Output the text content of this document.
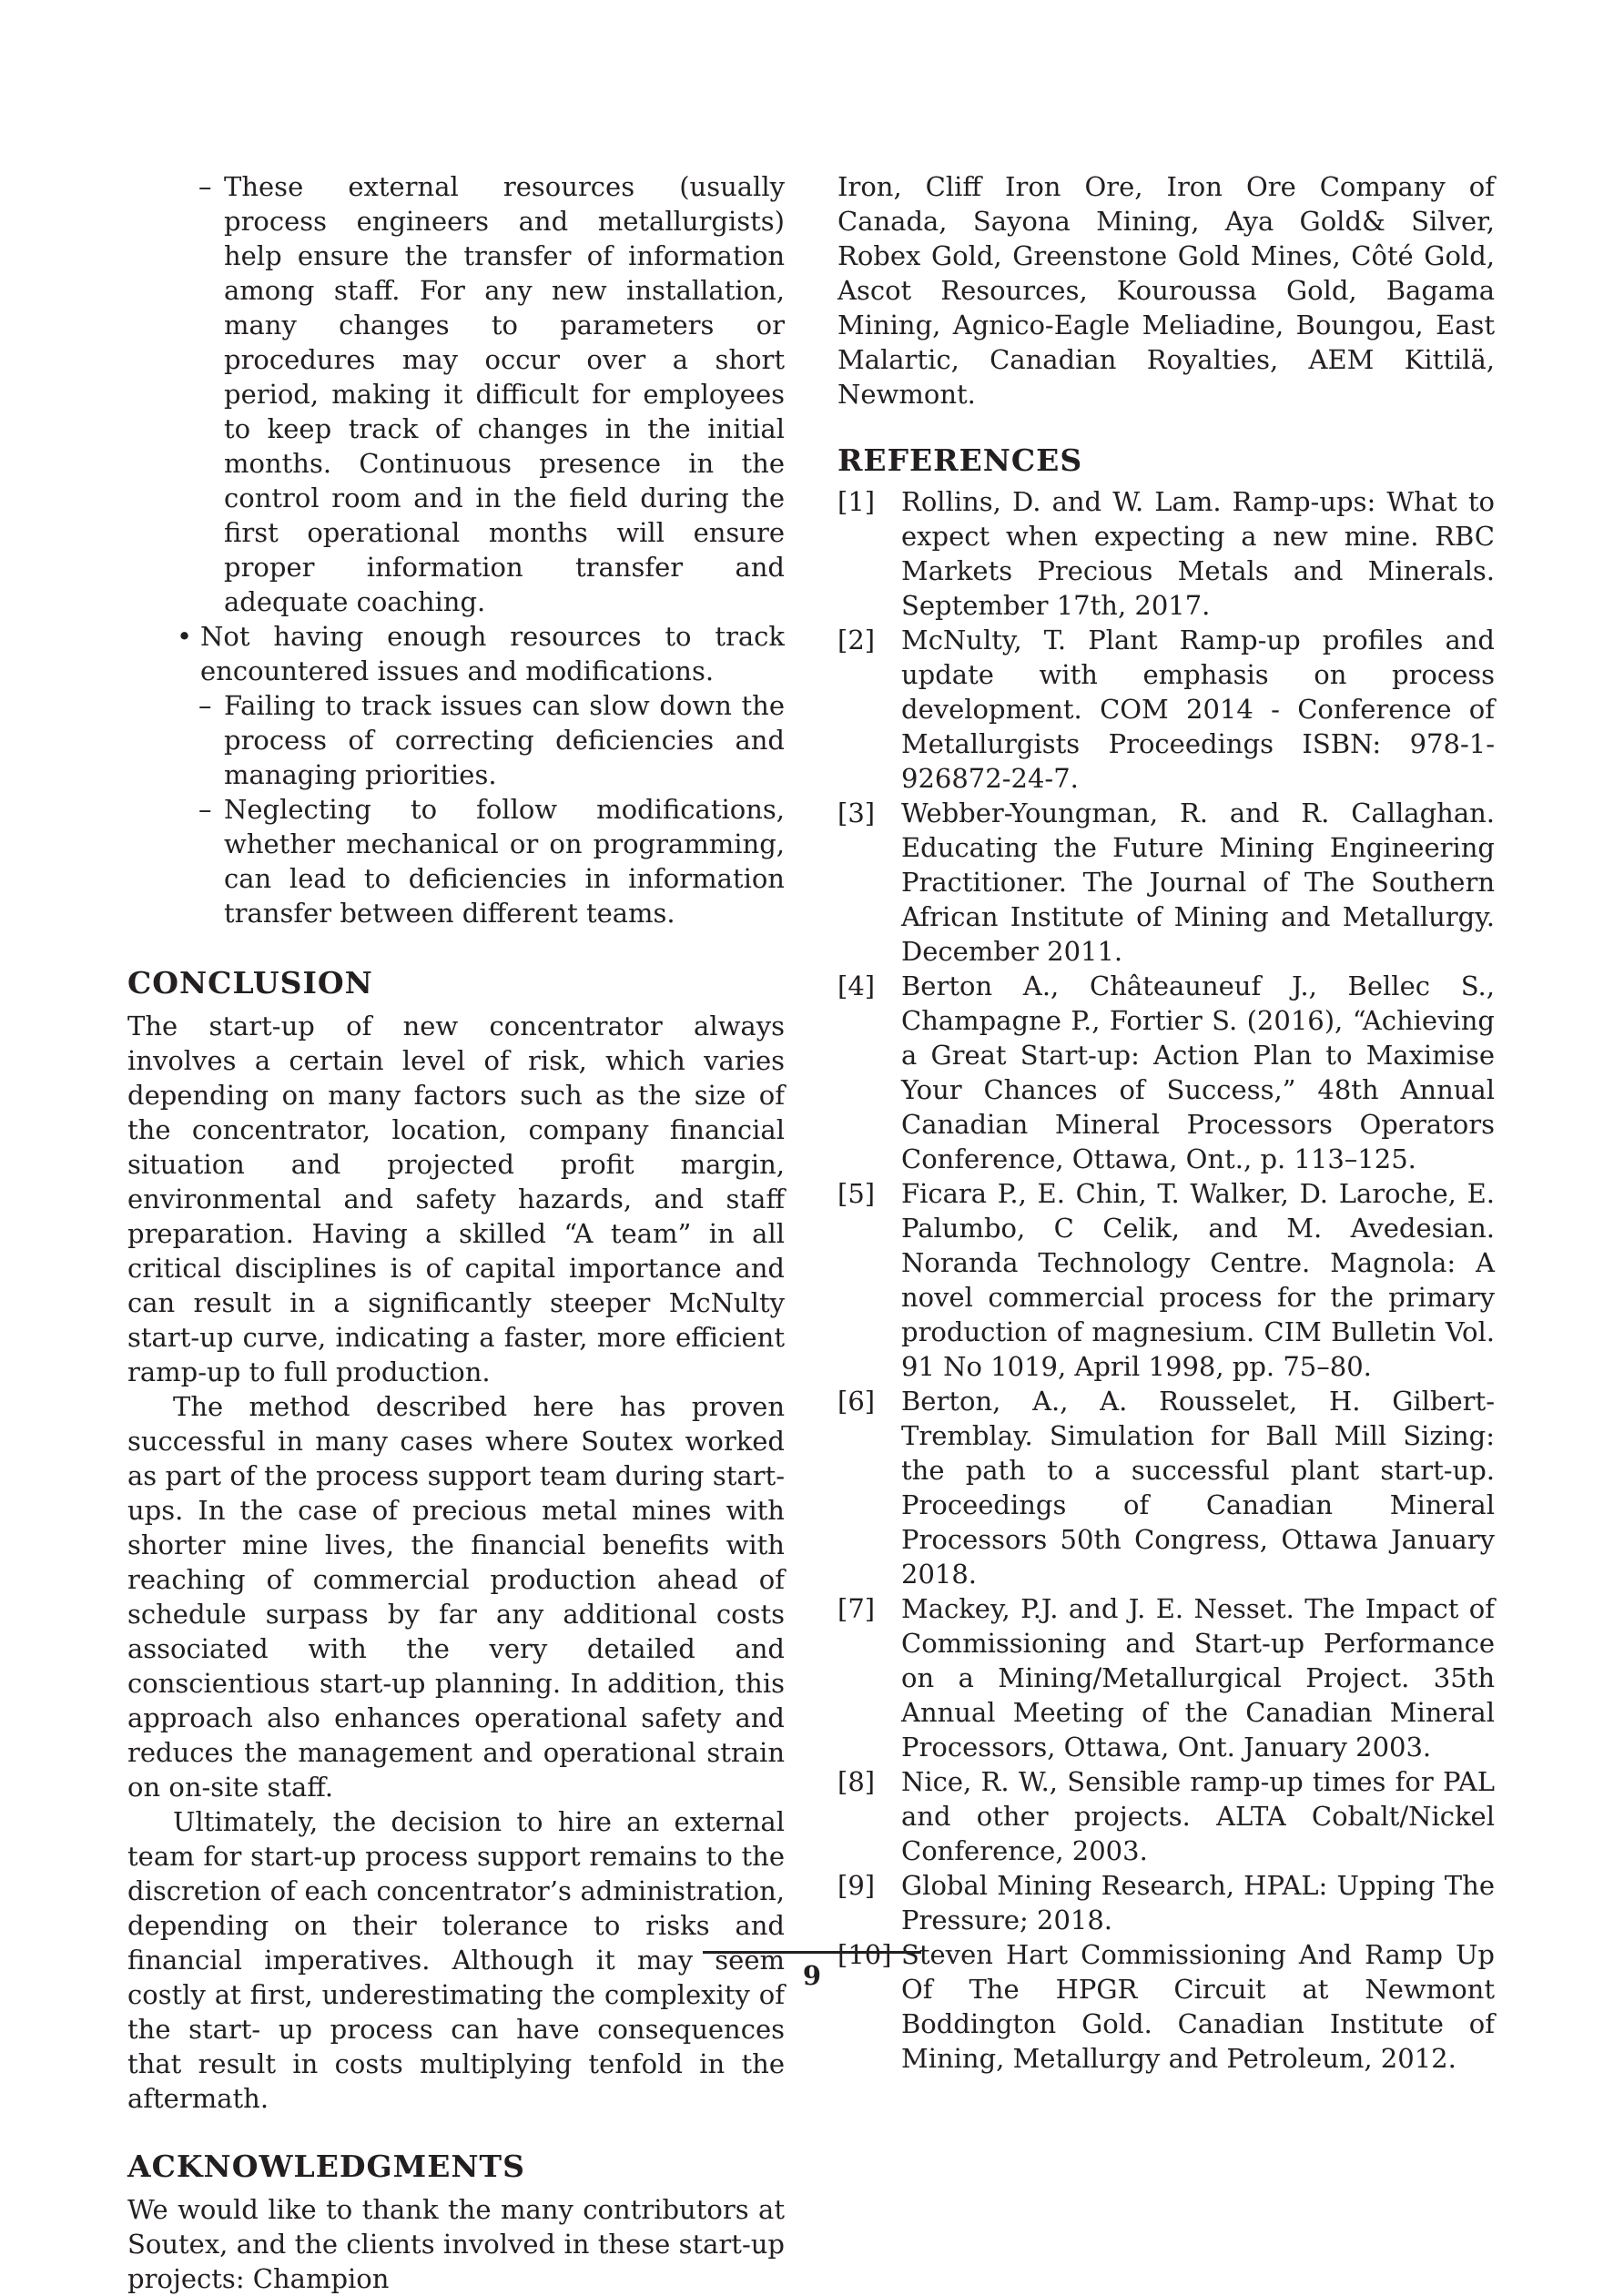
– These external resources (usually process engineers and metallurgists) help ensure the transfer of information among staff. For any new installation, many changes to parameters or procedures may occur over a short period, making it difficult for employees to keep track of changes in the initial months. Continuous presence in the control room and in the field during the first operational months will ensure proper information transfer and adequate coaching.
• Not having enough resources to track encountered issues and modifications.
– Failing to track issues can slow down the process of correcting deficiencies and managing priorities.
– Neglecting to follow modifications, whether mechanical or on programming, can lead to deficiencies in information transfer between different teams.
CONCLUSION

The start-up of new concentrator always involves a certain level of risk, which varies depending on many factors such as the size of the concentrator, location, company financial situation and projected profit margin, environmental and safety hazards, and staff preparation. Having a skilled “A team” in all critical disciplines is of capital importance and can result in a significantly steeper McNulty start-up curve, indicating a faster, more efficient ramp-up to full production.

The method described here has proven successful in many cases where Soutex worked as part of the process support team during start-ups. In the case of precious metal mines with shorter mine lives, the financial benefits with reaching of commercial production ahead of schedule surpass by far any additional costs associated with the very detailed and conscientious start-up planning. In addition, this approach also enhances operational safety and reduces the management and operational strain on on-site staff.

Ultimately, the decision to hire an external team for start-up process support remains to the discretion of each concentrator’s administration, depending on their tolerance to risks and financial imperatives. Although it may seem costly at first, underestimating the complexity of the start- up process can have consequences that result in costs multiplying tenfold in the aftermath.

ACKNOWLEDGMENTS

We would like to thank the many contributors at Soutex, and the clients involved in these start-up projects: Champion

Iron, Cliff Iron Ore, Iron Ore Company of Canada, Sayona Mining, Aya Gold& Silver, Robex Gold, Greenstone Gold Mines, Côté Gold, Ascot Resources, Kouroussa Gold, Bagama Mining, Agnico-Eagle Meliadine, Boungou, East Malartic, Canadian Royalties, AEM Kittilä, Newmont.

REFERENCES
[1] Rollins, D. and W. Lam. Ramp-ups: What to expect when expecting a new mine. RBC Markets Precious Metals and Minerals. September 17th, 2017.
[2] McNulty, T. Plant Ramp-up profiles and update with emphasis on process development. COM 2014 - Conference of Metallurgists Proceedings ISBN: 978-1-926872-24-7.
[3] Webber-Youngman, R. and R. Callaghan. Educating the Future Mining Engineering Practitioner. The Journal of The Southern African Institute of Mining and Metallurgy. December 2011.
[4] Berton A., Châteauneuf J., Bellec S., Champagne P., Fortier S. (2016), “Achieving a Great Start-up: Action Plan to Maximise Your Chances of Success,” 48th Annual Canadian Mineral Processors Operators Conference, Ottawa, Ont., p. 113–125.
[5] Ficara P., E. Chin, T. Walker, D. Laroche, E. Palumbo, C Celik, and M. Avedesian. Noranda Technology Centre. Magnola: A novel commercial process for the primary production of magnesium. CIM Bulletin Vol. 91 No 1019, April 1998, pp. 75–80.
[6] Berton, A., A. Rousselet, H. Gilbert-Tremblay. Simulation for Ball Mill Sizing: the path to a successful plant start-up. Proceedings of Canadian Mineral Processors 50th Congress, Ottawa January 2018.
[7] Mackey, P.J. and J. E. Nesset. The Impact of Commissioning and Start-up Performance on a Mining/Metallurgical Project. 35th Annual Meeting of the Canadian Mineral Processors, Ottawa, Ont. January 2003.
[8] Nice, R. W., Sensible ramp-up times for PAL and other projects. ALTA Cobalt/Nickel Conference, 2003.
[9] Global Mining Research, HPAL: Upping The Pressure; 2018.
[10] Steven Hart Commissioning And Ramp Up Of The HPGR Circuit at Newmont Boddington Gold. Canadian Institute of Mining, Metallurgy and Petroleum, 2012.
9
